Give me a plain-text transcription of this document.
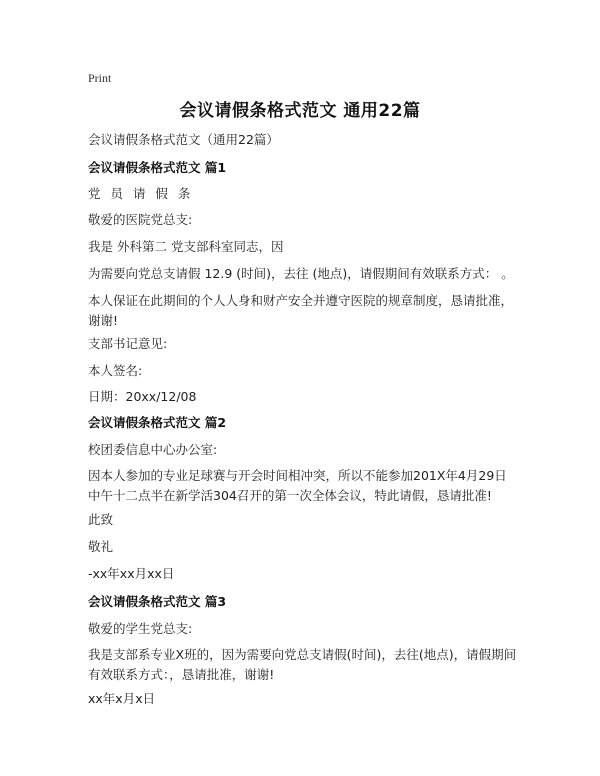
Print
会议请假条格式范文 通用22篇
会议请假条格式范文（通用22篇）
会议请假条格式范文 篇1
党 员 请 假 条
敬爱的医院党总支:
我是 外科第二 党支部科室同志，因
为需要向党总支请假 12.9 (时间)，去往 (地点)，请假期间有效联系方式： 。
本人保证在此期间的个人人身和财产安全并遵守医院的规章制度，恳请批准，谢谢!
支部书记意见:
本人签名:
日期：20xx/12/08
会议请假条格式范文 篇2
校团委信息中心办公室:
因本人参加的专业足球赛与开会时间相冲突，所以不能参加201X年4月29日中午十二点半在新学活304召开的第一次全体会议，特此请假，恳请批准!
此致
敬礼
-xx年xx月xx日
会议请假条格式范文 篇3
敬爱的学生党总支:
我是支部系专业X班的，因为需要向党总支请假(时间)，去往(地点)，请假期间有效联系方式：，恳请批准，谢谢!
xx年x月x日
